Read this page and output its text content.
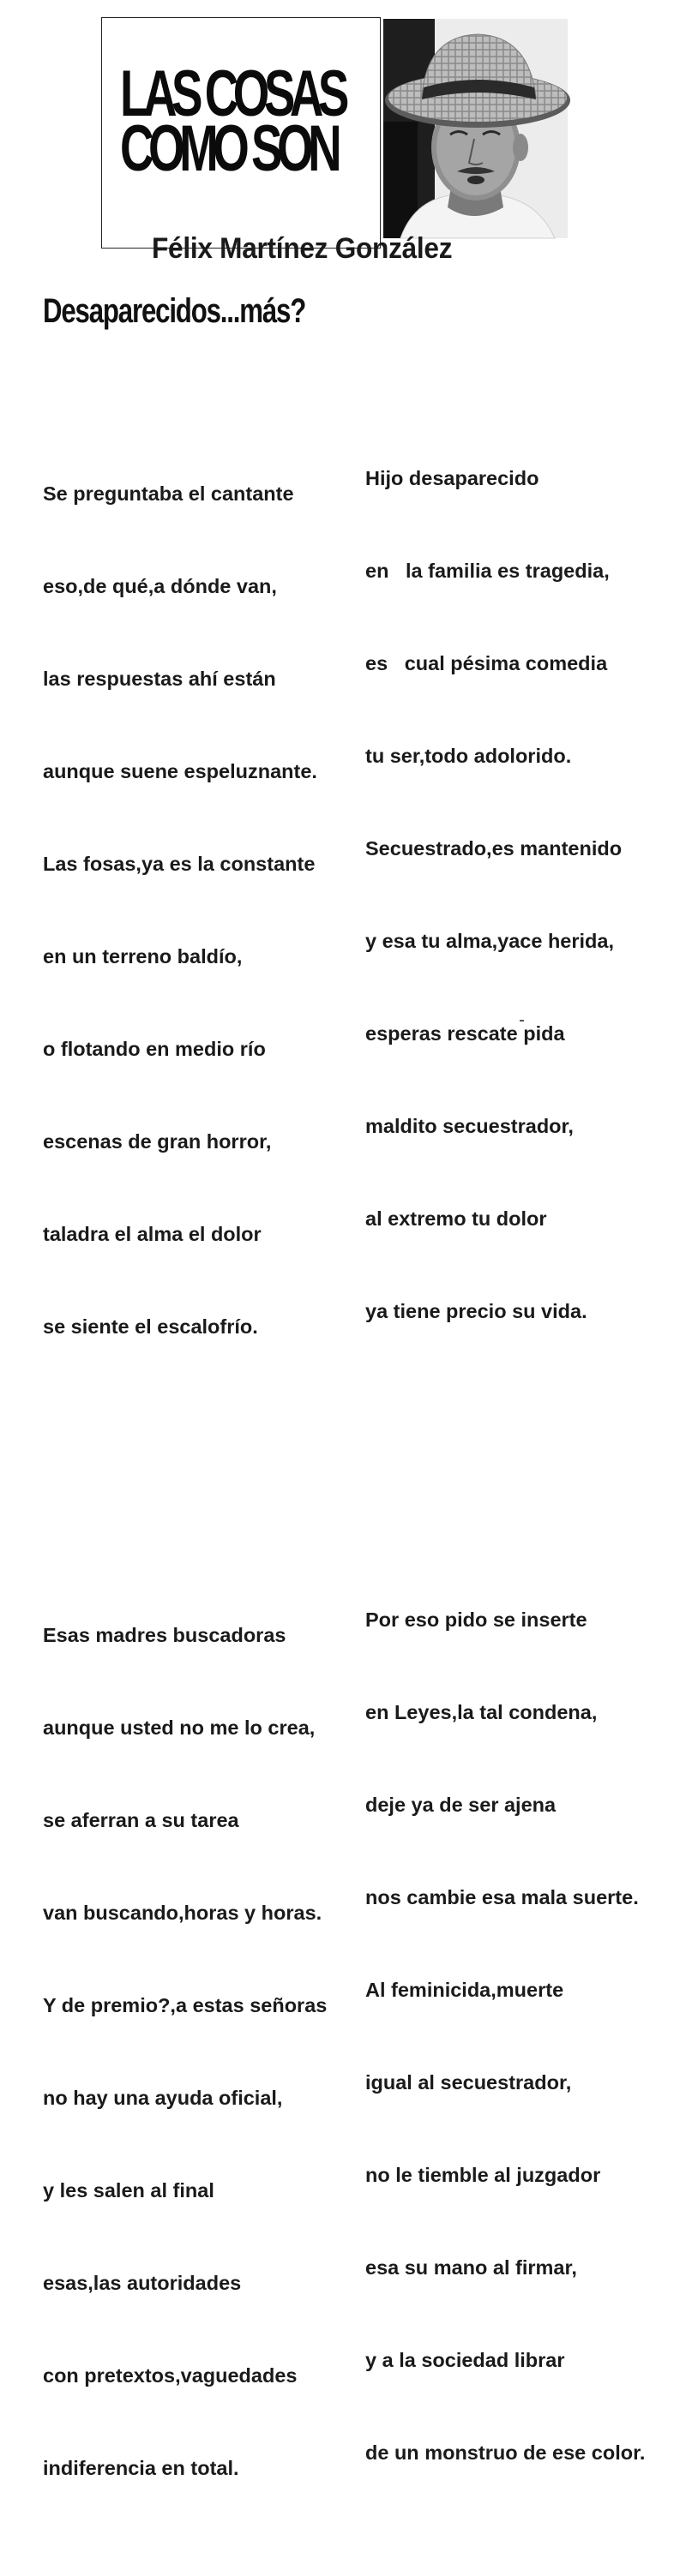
LAS COSAS
COMO SON
Félix Martínez González
Desaparecidos...más?

Se preguntaba el cantante

eso,de qué,a dónde van,

las respuestas ahí están

aunque suene espeluznante.

Las fosas,ya es la constante

en un terreno baldío,

o flotando en medio río

escenas de gran horror,

taladra el alma el dolor

se siente el escalofrío.

Esas madres buscadoras

aunque usted no me lo crea,

se aferran a su tarea

van buscando,horas y horas.

Y de premio?,a estas señoras

no hay una ayuda oficial,

y les salen al final

esas,las autoridades

con pretextos,vaguedades

indiferencia en total.

Hijo desaparecido

en   la familia es tragedia,

es   cual pésima comedia

tu ser,todo adolorido.

Secuestrado,es mantenido

y esa tu alma,yace herida,

esperas rescate pida

maldito secuestrador,

al extremo tu dolor

ya tiene precio su vida.

Por eso pido se inserte

en Leyes,la tal condena,

deje ya de ser ajena

nos cambie esa mala suerte.

Al feminicida,muerte

igual al secuestrador,

no le tiemble al juzgador

esa su mano al firmar,

y a la sociedad librar

de un monstruo de ese color.
